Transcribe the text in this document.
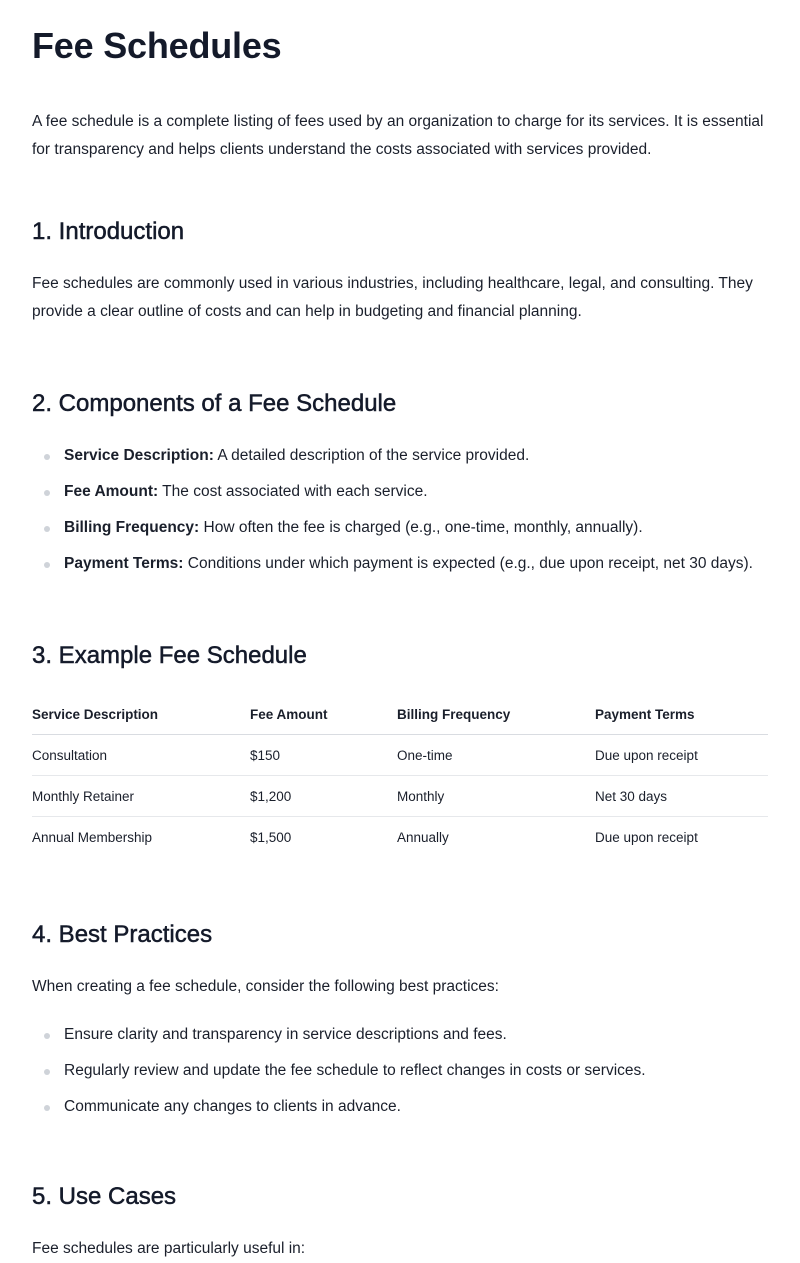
Fee Schedules

A fee schedule is a complete listing of fees used by an organization to charge for its services. It is essential for transparency and helps clients understand the costs associated with services provided.

1. Introduction

Fee schedules are commonly used in various industries, including healthcare, legal, and consulting. They provide a clear outline of costs and can help in budgeting and financial planning.

2. Components of a Fee Schedule
Service Description: A detailed description of the service provided.
Fee Amount: The cost associated with each service.
Billing Frequency: How often the fee is charged (e.g., one-time, monthly, annually).
Payment Terms: Conditions under which payment is expected (e.g., due upon receipt, net 30 days).
3. Example Fee Schedule
Service Description	Fee Amount	Billing Frequency	Payment Terms
Consultation	$150	One-time	Due upon receipt
Monthly Retainer	$1,200	Monthly	Net 30 days
Annual Membership	$1,500	Annually	Due upon receipt
4. Best Practices

When creating a fee schedule, consider the following best practices:

Ensure clarity and transparency in service descriptions and fees.
Regularly review and update the fee schedule to reflect changes in costs or services.
Communicate any changes to clients in advance.
5. Use Cases

Fee schedules are particularly useful in:
